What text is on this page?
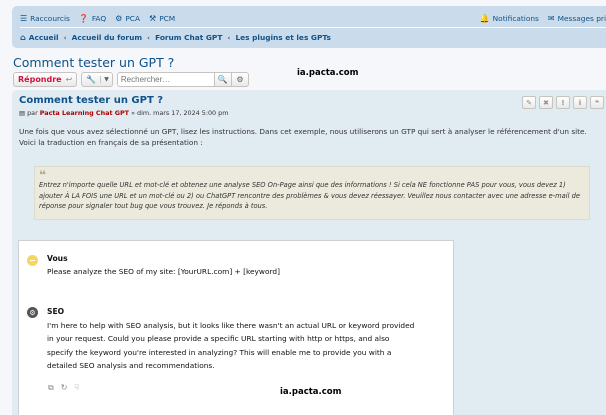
☰ Raccourcis ❓ FAQ ⚙ PCA ⚒ PCM	🔔 Notifications ✉ Messages pri
⌂ Accueil ‹ Accueil du forum ‹ Forum Chat GPT ‹ Les plugins et les GPTs
Comment tester un GPT ?
Répondre ↩	🔧	▼
Rechercher…	🔍 ⚙
ia.pacta.com
Comment tester un GPT ?
▤ par Pacta Learning Chat GPT » dim. mars 17, 2024 5:00 pm
✎ ✖ ! i ❝
Une fois que vous avez sélectionné un GPT, lisez les instructions. Dans cet exemple, nous utiliserons un GTP qui sert à analyser le référencement d'un site. Voici la traduction en français de sa présentation :
❝
Entrez n'importe quelle URL et mot-clé et obtenez une analyse SEO On-Page ainsi que des informations ! Si cela NE fonctionne PAS pour vous, vous devez 1) ajouter À LA FOIS une URL et un mot-clé ou 2) ou ChatGPT rencontre des problèmes & vous devez réessayer. Veuillez nous contacter avec une adresse e-mail de réponse pour signaler tout bug que vous trouvez. Je réponds à tous.
Vous
Please analyze the SEO of my site: [YourURL.com] + [keyword]
⚙	SEO
I'm here to help with SEO analysis, but it looks like there wasn't an actual URL or keyword provided in your request. Could you please provide a specific URL starting with http or https, and also specify the keyword you're interested in analyzing? This will enable me to provide you with a detailed SEO analysis and recommendations.
⧉ ↻ ☟	ia.pacta.com
